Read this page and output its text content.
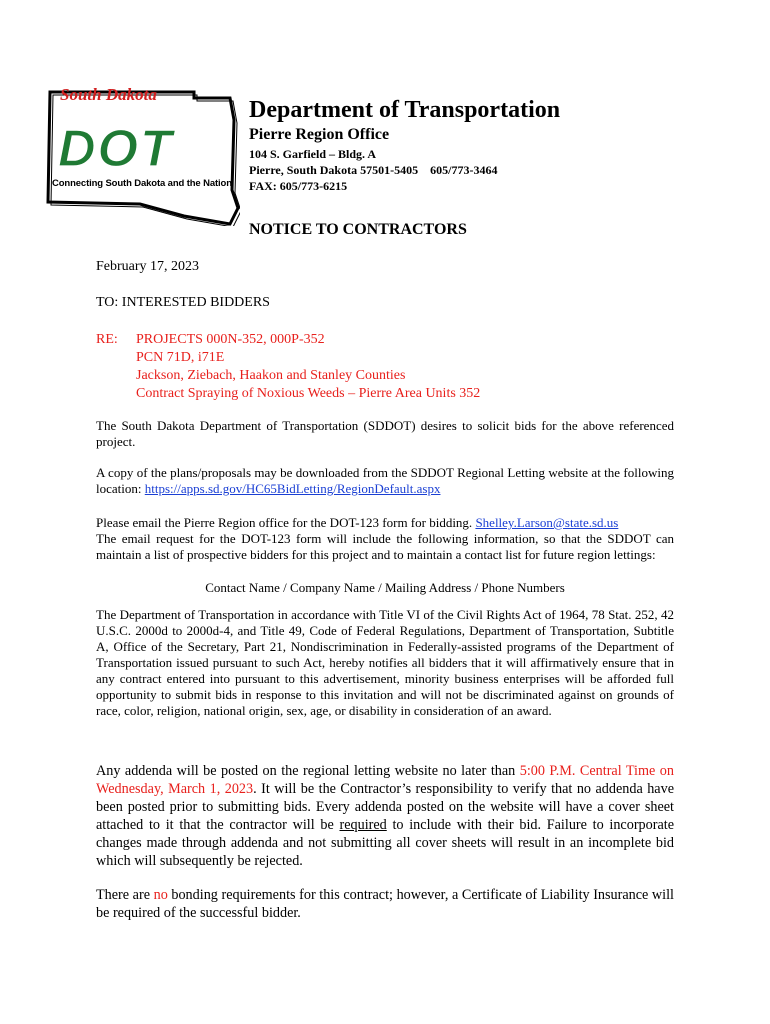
South Dakota
DOT
Connecting South Dakota and the Nation
Department of Transportation
Pierre Region Office
104 S. Garfield – Bldg. A
Pierre, South Dakota 57501-5405 605/773-3464
FAX: 605/773-6215
NOTICE TO CONTRACTORS
February 17, 2023
TO: INTERESTED BIDDERS
RE:	PROJECTS 000N-352, 000P-352
PCN 71D, i71E
Jackson, Ziebach, Haakon and Stanley Counties
Contract Spraying of Noxious Weeds – Pierre Area Units 352
The South Dakota Department of Transportation (SDDOT) desires to solicit bids for the above referenced project.
A copy of the plans/proposals may be downloaded from the SDDOT Regional Letting website at the following location: https://apps.sd.gov/HC65BidLetting/RegionDefault.aspx
Please email the Pierre Region office for the DOT-123 form for bidding. Shelley.Larson@state.sd.us
The email request for the DOT-123 form will include the following information, so that the SDDOT can maintain a list of prospective bidders for this project and to maintain a contact list for future region lettings:
Contact Name / Company Name / Mailing Address / Phone Numbers
The Department of Transportation in accordance with Title VI of the Civil Rights Act of 1964, 78 Stat. 252, 42 U.S.C. 2000d to 2000d-4, and Title 49, Code of Federal Regulations, Department of Transportation, Subtitle A, Office of the Secretary, Part 21, Nondiscrimination in Federally-assisted programs of the Department of Transportation issued pursuant to such Act, hereby notifies all bidders that it will affirmatively ensure that in any contract entered into pursuant to this advertisement, minority business enterprises will be afforded full opportunity to submit bids in response to this invitation and will not be discriminated against on grounds of race, color, religion, national origin, sex, age, or disability in consideration of an award.
Any addenda will be posted on the regional letting website no later than 5:00 P.M. Central Time on Wednesday, March 1, 2023. It will be the Contractor’s responsibility to verify that no addenda have been posted prior to submitting bids. Every addenda posted on the website will have a cover sheet attached to it that the contractor will be required to include with their bid. Failure to incorporate changes made through addenda and not submitting all cover sheets will result in an incomplete bid which will subsequently be rejected.
There are no bonding requirements for this contract; however, a Certificate of Liability Insurance will be required of the successful bidder.
